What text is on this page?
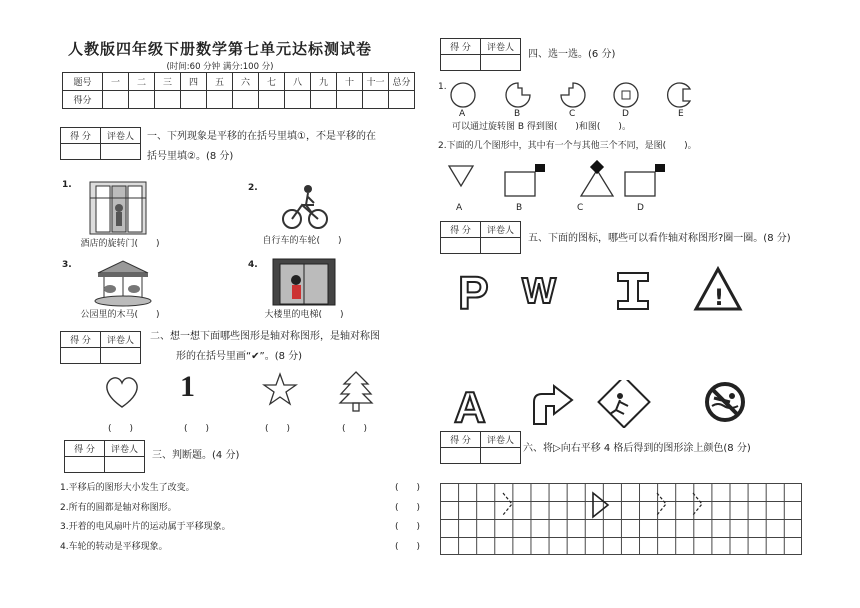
人教版四年级下册数学第七单元达标测试卷
(时间:60 分钟 满分:100 分)
题号	一	二	三	四	五	六	七	八	九	十	十一	总分
得分												
得 分	评卷人
	一、下列现象是平移的在括号里填①，不是平移的在
括号里填②。(8 分)
1.
酒店的旋转门(　　)
2.
自行车的车轮(　　)
3.
公园里的木马(　　)
4.
大楼里的电梯(　　)
得 分	评卷人
	二、想一想下面哪些图形是轴对称图形，是轴对称图
形的在括号里画“✔”。(8 分)
1
(　　)	(　　)	(　　)	(　　)
得 分	评卷人
	三、判断题。(4 分)
1.平移后的图形大小发生了改变。	(　　)
2.所有的圆都是轴对称图形。	(　　)
3.开着的电风扇叶片的运动属于平移现象。	(　　)
4.车轮的转动是平移现象。	(　　)
得 分	评卷人

四、选一选。(6 分)
1.
A	B	C	D	E
可以通过旋转图 B 得到图(　　)和图(　　)。
2.下面的几个图形中，其中有一个与其他三个不同，是图(　　)。
A	B	C	D
得 分	评卷人

五、下面的图标，哪些可以看作轴对称图形?圈一圈。(8 分)
P W	!
A
得 分	评卷人

六、将▷向右平移 4 格后得到的图形涂上颜色(8 分)
